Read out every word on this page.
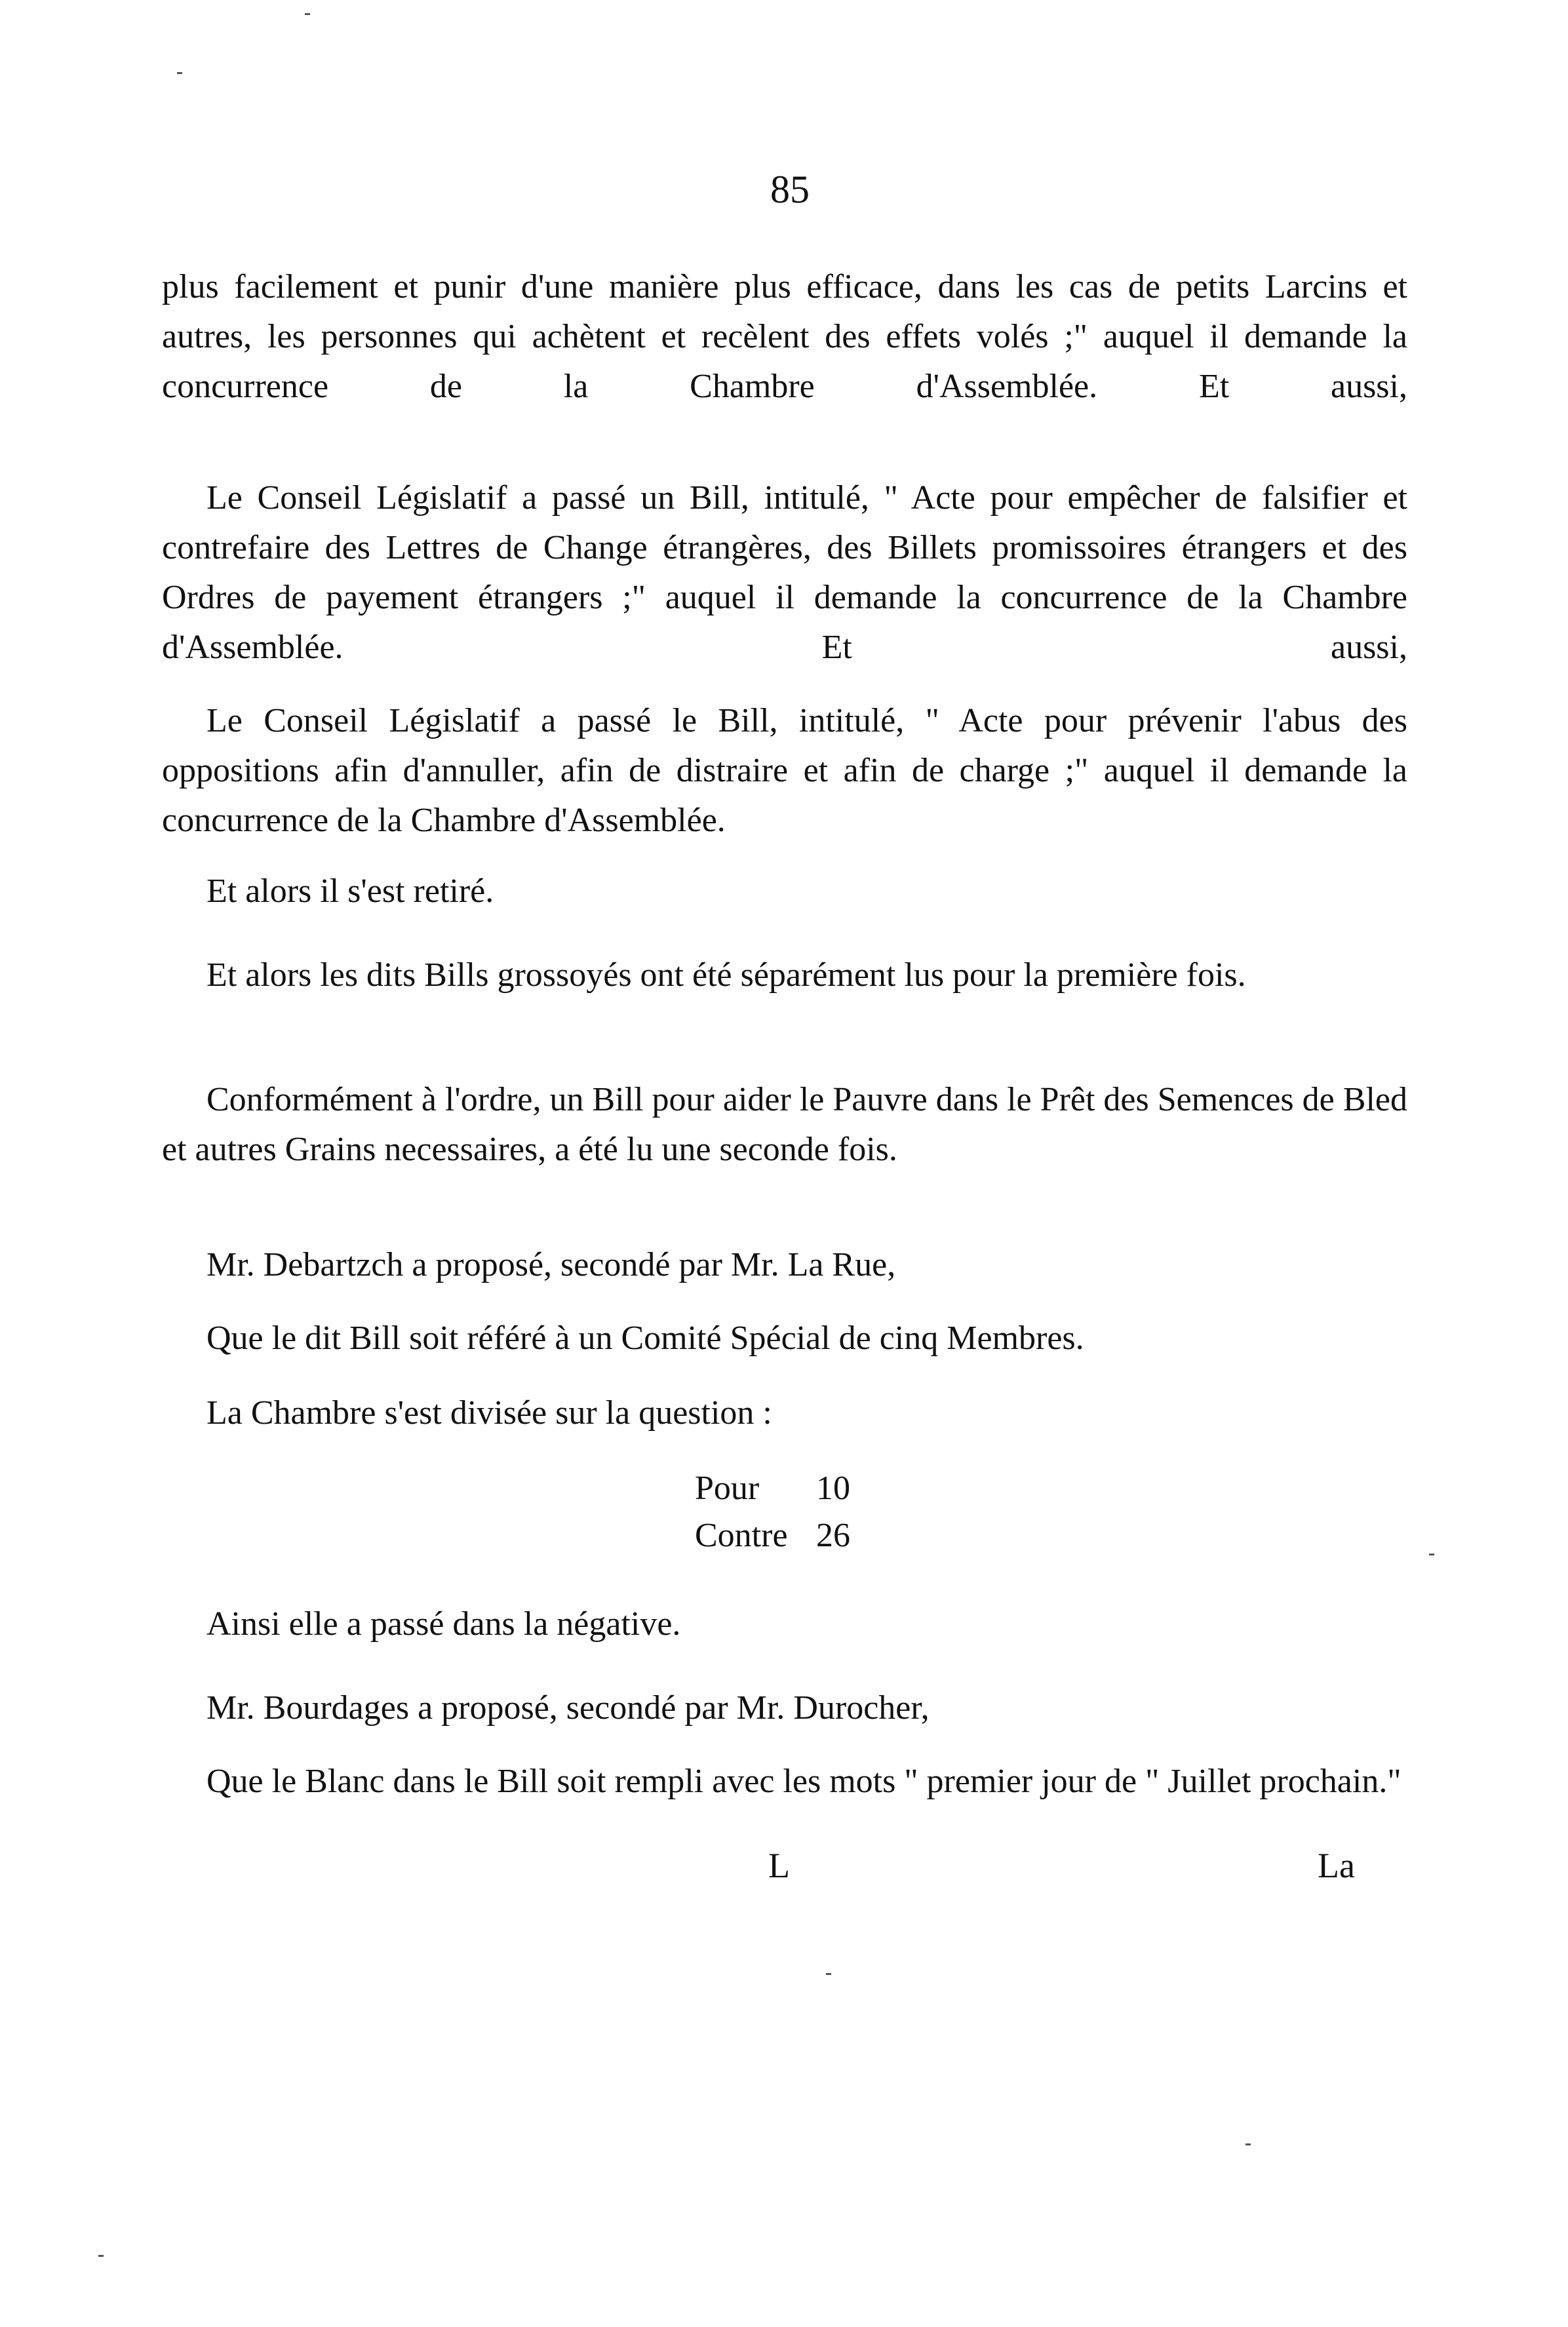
85

plus facilement et punir d'une manière plus efficace, dans les cas de petits Larcins et autres, les personnes qui achètent et recèlent des effets volés ;" auquel il demande la concurrence de la Chambre d'Assemblée. Et aussi,

Le Conseil Législatif a passé un Bill, intitulé, " Acte pour empêcher de falsifier et contrefaire des Lettres de Change étrangères, des Billets promissoires étrangers et des Ordres de payement étrangers ;" auquel il demande la concurrence de la Chambre d'Assemblée. Et aussi,

Le Conseil Législatif a passé le Bill, intitulé, " Acte pour prévenir l'abus des oppositions afin d'annuller, afin de distraire et afin de charge ;" auquel il demande la concurrence de la Chambre d'Assemblée.

Et alors il s'est retiré.

Et alors les dits Bills grossoyés ont été séparément lus pour la première fois.

Conformément à l'ordre, un Bill pour aider le Pauvre dans le Prêt des Semences de Bled et autres Grains necessaires, a été lu une seconde fois.

Mr. Debartzch a proposé, secondé par Mr. La Rue,

Que le dit Bill soit référé à un Comité Spécial de cinq Membres.

La Chambre s'est divisée sur la question :

Pour 10
Contre 26

Ainsi elle a passé dans la négative.

Mr. Bourdages a proposé, secondé par Mr. Durocher,

Que le Blanc dans le Bill soit rempli avec les mots " premier jour de " Juillet prochain."

L	La
